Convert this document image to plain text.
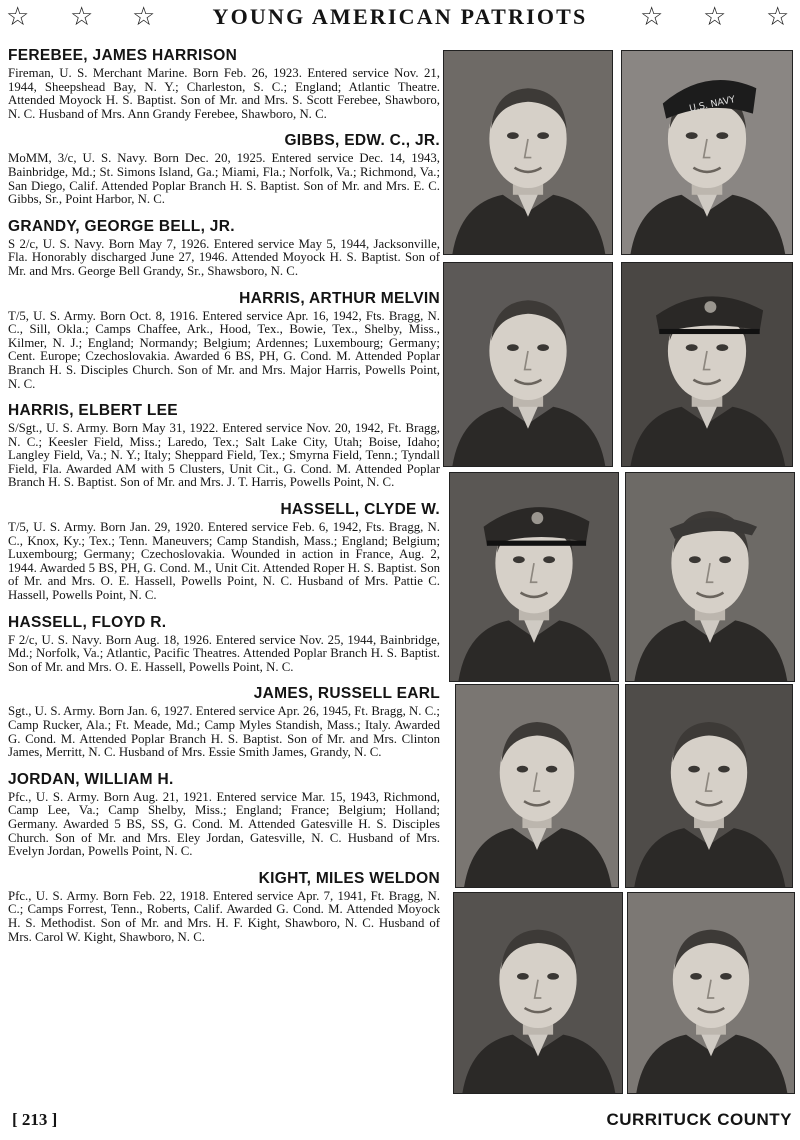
☆ ☆ ☆	YOUNG AMERICAN PATRIOTS	☆ ☆ ☆
FEREBEE, JAMES HARRISON

Fireman, U. S. Merchant Marine. Born Feb. 26, 1923. Entered service Nov. 21, 1944, Sheepshead Bay, N. Y.; Charleston, S. C.; England; Atlantic Theatre. Attended Moyock H. S. Baptist. Son of Mr. and Mrs. S. Scott Ferebee, Shawboro, N. C. Husband of Mrs. Ann Grandy Ferebee, Shawboro, N. C.

GIBBS, EDW. C., JR.

MoMM, 3/c, U. S. Navy. Born Dec. 20, 1925. Entered service Dec. 14, 1943, Bainbridge, Md.; St. Simons Island, Ga.; Miami, Fla.; Norfolk, Va.; Richmond, Va.; San Diego, Calif. Attended Poplar Branch H. S. Baptist. Son of Mr. and Mrs. E. C. Gibbs, Sr., Point Harbor, N. C.

GRANDY, GEORGE BELL, JR.

S 2/c, U. S. Navy. Born May 7, 1926. Entered service May 5, 1944, Jacksonville, Fla. Honorably discharged June 27, 1946. Attended Moyock H. S. Baptist. Son of Mr. and Mrs. George Bell Grandy, Sr., Shawsboro, N. C.

HARRIS, ARTHUR MELVIN

T/5, U. S. Army. Born Oct. 8, 1916. Entered service Apr. 16, 1942, Fts. Bragg, N. C., Sill, Okla.; Camps Chaffee, Ark., Hood, Tex., Bowie, Tex., Shelby, Miss., Kilmer, N. J.; England; Normandy; Belgium; Ardennes; Luxembourg; Germany; Cent. Europe; Czechoslovakia. Awarded 6 BS, PH, G. Cond. M. Attended Poplar Branch H. S. Disciples Church. Son of Mr. and Mrs. Major Harris, Powells Point, N. C.

HARRIS, ELBERT LEE

S/Sgt., U. S. Army. Born May 31, 1922. Entered service Nov. 20, 1942, Ft. Bragg, N. C.; Keesler Field, Miss.; Laredo, Tex.; Salt Lake City, Utah; Boise, Idaho; Langley Field, Va.; N. Y.; Italy; Sheppard Field, Tex.; Smyrna Field, Tenn.; Tyndall Field, Fla. Awarded AM with 5 Clusters, Unit Cit., G. Cond. M. Attended Poplar Branch H. S. Baptist. Son of Mr. and Mrs. J. T. Harris, Powells Point, N. C.

HASSELL, CLYDE W.

T/5, U. S. Army. Born Jan. 29, 1920. Entered service Feb. 6, 1942, Fts. Bragg, N. C., Knox, Ky.; Tex.; Tenn. Maneuvers; Camp Standish, Mass.; England; Belgium; Luxembourg; Germany; Czechoslovakia. Wounded in action in France, Aug. 2, 1944. Awarded 5 BS, PH, G. Cond. M., Unit Cit. Attended Roper H. S. Baptist. Son of Mr. and Mrs. O. E. Hassell, Powells Point, N. C. Husband of Mrs. Pattie C. Hassell, Powells Point, N. C.

HASSELL, FLOYD R.

F 2/c, U. S. Navy. Born Aug. 18, 1926. Entered service Nov. 25, 1944, Bainbridge, Md.; Norfolk, Va.; Atlantic, Pacific Theatres. Attended Poplar Branch H. S. Baptist. Son of Mr. and Mrs. O. E. Hassell, Powells Point, N. C.

JAMES, RUSSELL EARL

Sgt., U. S. Army. Born Jan. 6, 1927. Entered service Apr. 26, 1945, Ft. Bragg, N. C.; Camp Rucker, Ala.; Ft. Meade, Md.; Camp Myles Standish, Mass.; Italy. Awarded G. Cond. M. Attended Poplar Branch H. S. Baptist. Son of Mr. and Mrs. Clinton James, Merritt, N. C. Husband of Mrs. Essie Smith James, Grandy, N. C.

JORDAN, WILLIAM H.

Pfc., U. S. Army. Born Aug. 21, 1921. Entered service Mar. 15, 1943, Richmond, Camp Lee, Va.; Camp Shelby, Miss.; England; France; Belgium; Holland; Germany. Awarded 5 BS, SS, G. Cond. M. Attended Gatesville H. S. Disciples Church. Son of Mr. and Mrs. Eley Jordan, Gatesville, N. C. Husband of Mrs. Evelyn Jordan, Powells Point, N. C.

KIGHT, MILES WELDON

Pfc., U. S. Army. Born Feb. 22, 1918. Entered service Apr. 7, 1941, Ft. Bragg, N. C.; Camps Forrest, Tenn., Roberts, Calif. Awarded G. Cond. M. Attended Moyock H. S. Methodist. Son of Mr. and Mrs. H. F. Kight, Shawboro, N. C. Husband of Mrs. Carol W. Kight, Shawboro, N. C.

U.S. NAVY
[ 213 ]	CURRITUCK COUNTY
